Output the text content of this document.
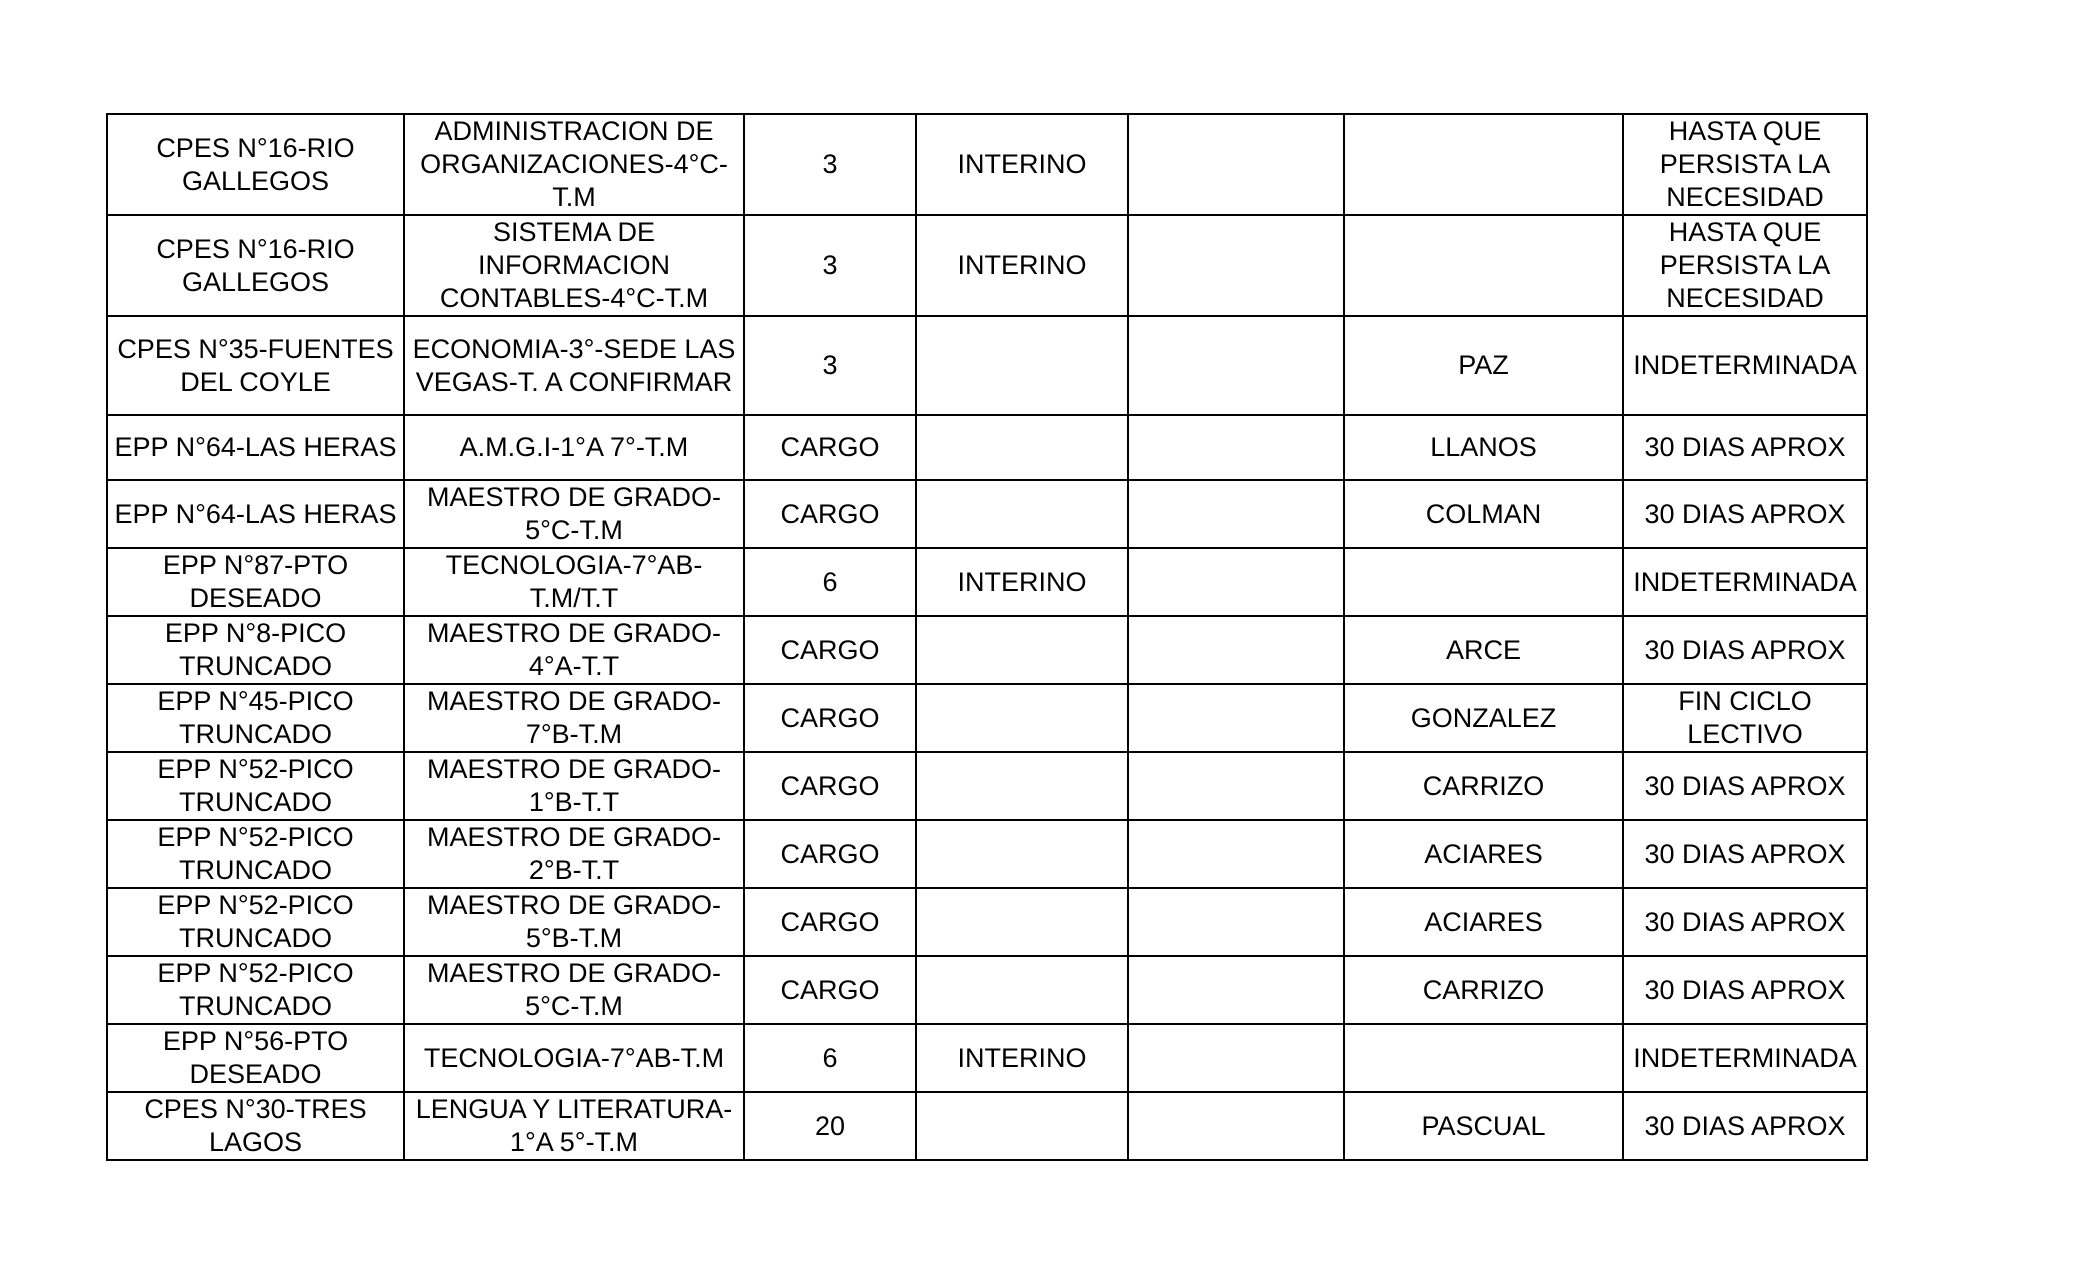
CPES N°16-RIO
GALLEGOS	ADMINISTRACION DE
ORGANIZACIONES-4°C-
T.M	3	INTERINO			HASTA QUE
PERSISTA LA
NECESIDAD
CPES N°16-RIO
GALLEGOS	SISTEMA DE
INFORMACION
CONTABLES-4°C-T.M	3	INTERINO			HASTA QUE
PERSISTA LA
NECESIDAD
CPES N°35-FUENTES
DEL COYLE	ECONOMIA-3°-SEDE LAS
VEGAS-T. A CONFIRMAR	3			PAZ	INDETERMINADA
EPP N°64-LAS HERAS	A.M.G.I-1°A 7°-T.M	CARGO			LLANOS	30 DIAS APROX
EPP N°64-LAS HERAS	MAESTRO DE GRADO-
5°C-T.M	CARGO			COLMAN	30 DIAS APROX
EPP N°87-PTO
DESEADO	TECNOLOGIA-7°AB-
T.M/T.T	6	INTERINO			INDETERMINADA
EPP N°8-PICO
TRUNCADO	MAESTRO DE GRADO-
4°A-T.T	CARGO			ARCE	30 DIAS APROX
EPP N°45-PICO
TRUNCADO	MAESTRO DE GRADO-
7°B-T.M	CARGO			GONZALEZ	FIN CICLO
LECTIVO
EPP N°52-PICO
TRUNCADO	MAESTRO DE GRADO-
1°B-T.T	CARGO			CARRIZO	30 DIAS APROX
EPP N°52-PICO
TRUNCADO	MAESTRO DE GRADO-
2°B-T.T	CARGO			ACIARES	30 DIAS APROX
EPP N°52-PICO
TRUNCADO	MAESTRO DE GRADO-
5°B-T.M	CARGO			ACIARES	30 DIAS APROX
EPP N°52-PICO
TRUNCADO	MAESTRO DE GRADO-
5°C-T.M	CARGO			CARRIZO	30 DIAS APROX
EPP N°56-PTO
DESEADO	TECNOLOGIA-7°AB-T.M	6	INTERINO			INDETERMINADA
CPES N°30-TRES
LAGOS	LENGUA Y LITERATURA-
1°A 5°-T.M	20			PASCUAL	30 DIAS APROX
